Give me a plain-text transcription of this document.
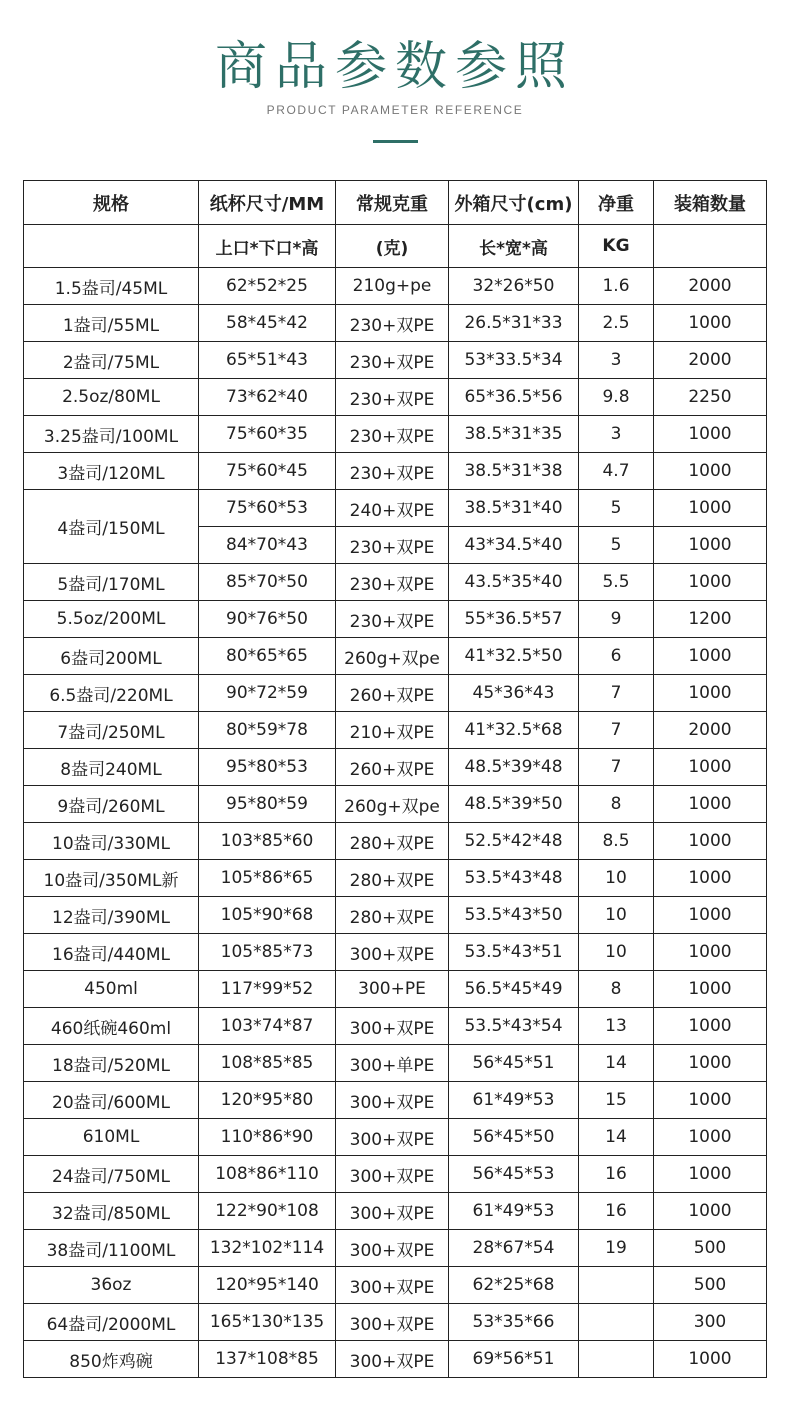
商品参数参照
PRODUCT PARAMETER REFERENCE
规格	纸杯尺寸/MM	常规克重	外箱尺寸(cm)	净重	装箱数量
	上口*下口*高	(克)	长*宽*高	KG	
1.5盎司/45ML	62*52*25	210g+pe	32*26*50	1.6	2000
1盎司/55ML	58*45*42	230+双PE	26.5*31*33	2.5	1000
2盎司/75ML	65*51*43	230+双PE	53*33.5*34	3	2000
2.5oz/80ML	73*62*40	230+双PE	65*36.5*56	9.8	2250
3.25盎司/100ML	75*60*35	230+双PE	38.5*31*35	3	1000
3盎司/120ML	75*60*45	230+双PE	38.5*31*38	4.7	1000
4盎司/150ML	75*60*53	240+双PE	38.5*31*40	5	1000
	84*70*43	230+双PE	43*34.5*40	5	1000
5盎司/170ML	85*70*50	230+双PE	43.5*35*40	5.5	1000
5.5oz/200ML	90*76*50	230+双PE	55*36.5*57	9	1200
6盎司200ML	80*65*65	260g+双pe	41*32.5*50	6	1000
6.5盎司/220ML	90*72*59	260+双PE	45*36*43	7	1000
7盎司/250ML	80*59*78	210+双PE	41*32.5*68	7	2000
8盎司240ML	95*80*53	260+双PE	48.5*39*48	7	1000
9盎司/260ML	95*80*59	260g+双pe	48.5*39*50	8	1000
10盎司/330ML	103*85*60	280+双PE	52.5*42*48	8.5	1000
10盎司/350ML新	105*86*65	280+双PE	53.5*43*48	10	1000
12盎司/390ML	105*90*68	280+双PE	53.5*43*50	10	1000
16盎司/440ML	105*85*73	300+双PE	53.5*43*51	10	1000
450ml	117*99*52	300+PE	56.5*45*49	8	1000
460纸碗460ml	103*74*87	300+双PE	53.5*43*54	13	1000
18盎司/520ML	108*85*85	300+单PE	56*45*51	14	1000
20盎司/600ML	120*95*80	300+双PE	61*49*53	15	1000
610ML	110*86*90	300+双PE	56*45*50	14	1000
24盎司/750ML	108*86*110	300+双PE	56*45*53	16	1000
32盎司/850ML	122*90*108	300+双PE	61*49*53	16	1000
38盎司/1100ML	132*102*114	300+双PE	28*67*54	19	500
36oz	120*95*140	300+双PE	62*25*68		500
64盎司/2000ML	165*130*135	300+双PE	53*35*66		300
850炸鸡碗	137*108*85	300+双PE	69*56*51		1000
